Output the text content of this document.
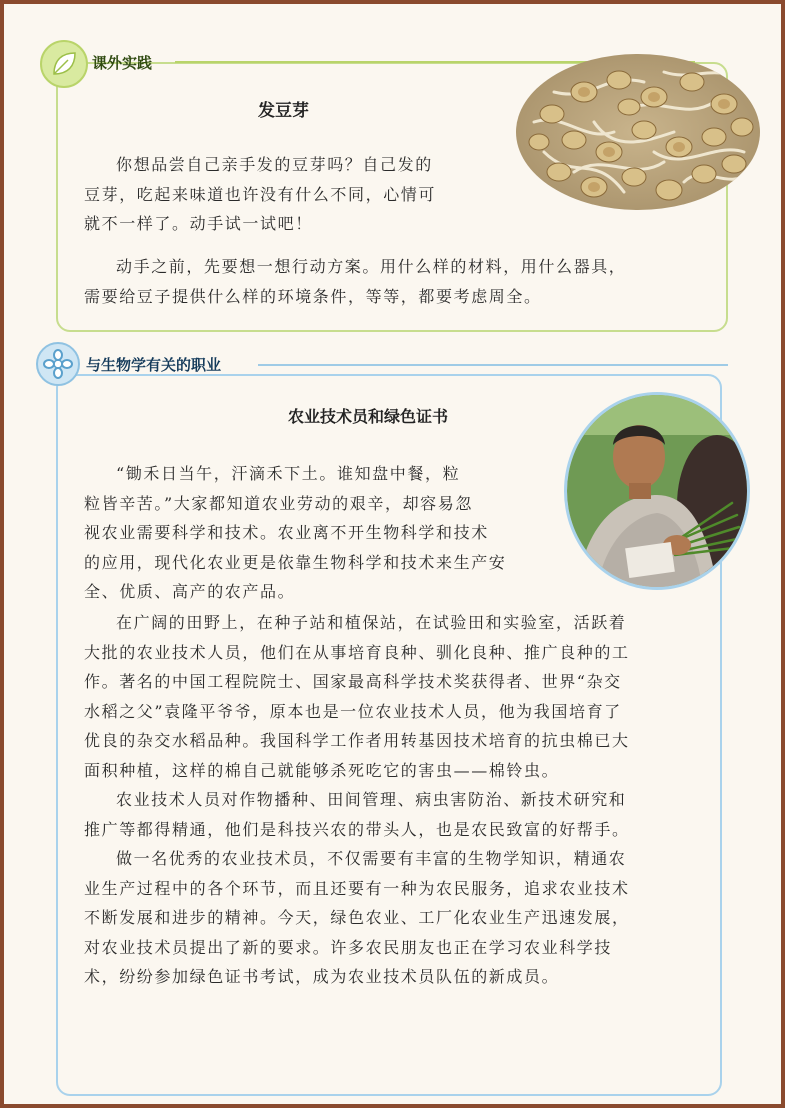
课外实践
发豆芽

你想品尝自己亲手发的豆芽吗？自己发的

豆芽，吃起来味道也许没有什么不同，心情可
就不一样了。动手试一试吧！

动手之前，先要想一想行动方案。用什么样的材料，用什么器具，

需要给豆子提供什么样的环境条件，等等，都要考虑周全。
与生物学有关的职业
农业技术员和绿色证书

“锄禾日当午，汗滴禾下土。谁知盘中餐，粒

粒皆辛苦。”大家都知道农业劳动的艰辛，却容易忽
视农业需要科学和技术。农业离不开生物科学和技术
的应用，现代化农业更是依靠生物科学和技术来生产安
全、优质、高产的农产品。

在广阔的田野上，在种子站和植保站，在试验田和实验室，活跃着

大批的农业技术人员，他们在从事培育良种、驯化良种、推广良种的工
作。著名的中国工程院院士、国家最高科学技术奖获得者、世界“杂交
水稻之父”袁隆平爷爷，原本也是一位农业技术人员，他为我国培育了
优良的杂交水稻品种。我国科学工作者用转基因技术培育的抗虫棉已大
面积种植，这样的棉自己就能够杀死吃它的害虫——棉铃虫。

农业技术人员对作物播种、田间管理、病虫害防治、新技术研究和

推广等都得精通，他们是科技兴农的带头人，也是农民致富的好帮手。

做一名优秀的农业技术员，不仅需要有丰富的生物学知识，精通农

业生产过程中的各个环节，而且还要有一种为农民服务，追求农业技术
不断发展和进步的精神。今天，绿色农业、工厂化农业生产迅速发展，
对农业技术员提出了新的要求。许多农民朋友也正在学习农业科学技
术，纷纷参加绿色证书考试，成为农业技术员队伍的新成员。
